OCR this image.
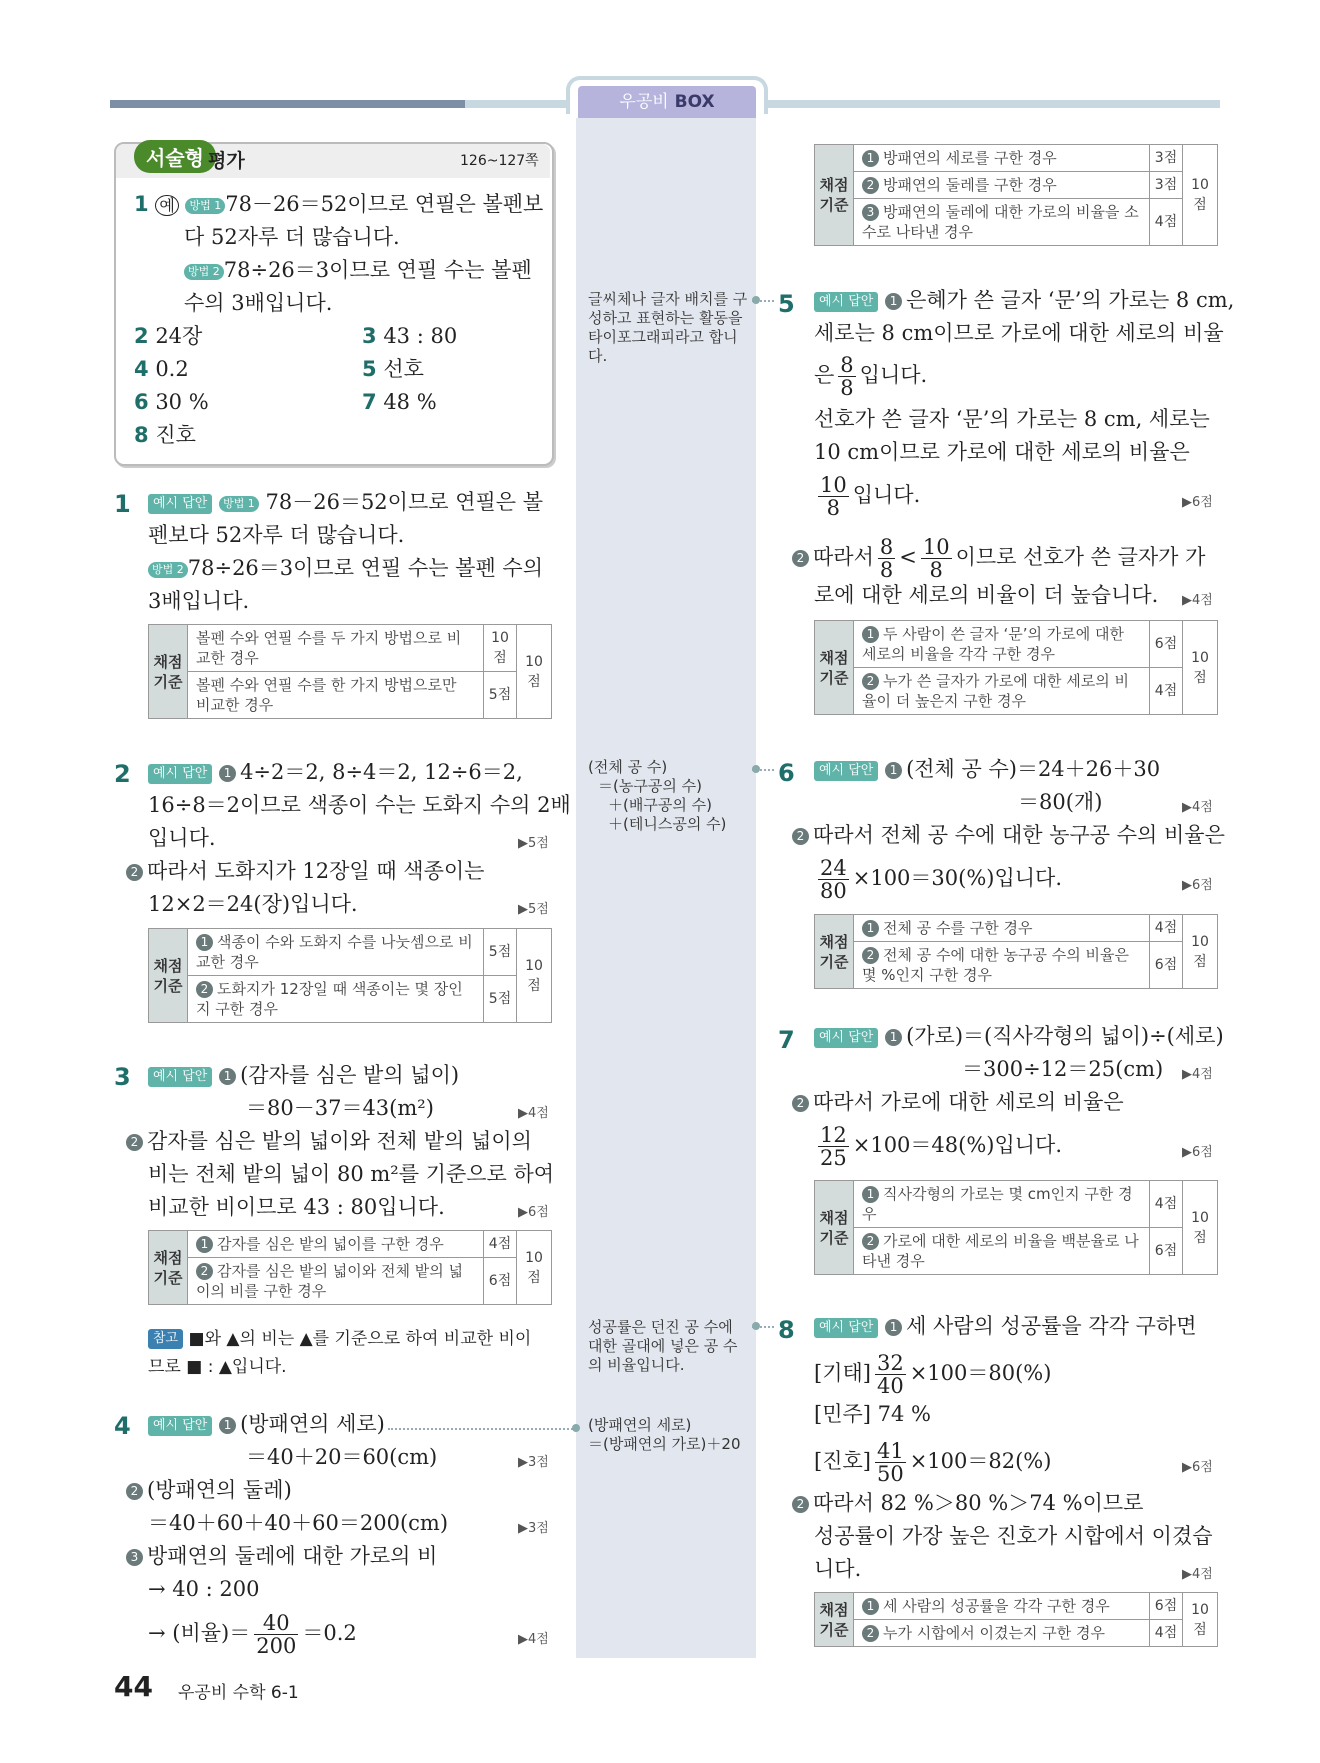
우공비 BOX
서술형 평가	126~127쪽
1 예 방법 1 78－26＝52이므로 연필은 볼펜보
다 52자루 더 많습니다.
방법 2 78÷26＝3이므로 연필 수는 볼펜
수의 3배입니다.
2 24장	3 43 : 80
4 0.2	5 선호
6 30 %	7 48 %
8 진호
1	예시 답안 방법 1 78－26＝52이므로 연필은 볼
펜보다 52자루 더 많습니다.
방법 2 78÷26＝3이므로 연필 수는 볼펜 수의
3배입니다.
채점 기준	볼펜 수와 연필 수를 두 가지 방법으로 비교한 경우	10점	10점
	볼펜 수와 연필 수를 한 가지 방법으로만 비교한 경우	5점	
2	예시 답안 1 4÷2＝2, 8÷4＝2, 12÷6＝2,
16÷8＝2이므로 색종이 수는 도화지 수의 2배
입니다.	▶5점
2 따라서 도화지가 12장일 때 색종이는
12×2＝24(장)입니다.	▶5점
채점 기준	1 색종이 수와 도화지 수를 나눗셈으로 비교한 경우	5점	10점
	2 도화지가 12장일 때 색종이는 몇 장인지 구한 경우	5점	
3	예시 답안 1 (감자를 심은 밭의 넓이)
＝80－37＝43(m²)	▶4점
2 감자를 심은 밭의 넓이와 전체 밭의 넓이의
비는 전체 밭의 넓이 80 m²를 기준으로 하여
비교한 비이므로 43 : 80입니다.	▶6점
채점 기준	1 감자를 심은 밭의 넓이를 구한 경우	4점	10점
	2 감자를 심은 밭의 넓이와 전체 밭의 넓이의 비를 구한 경우	6점	
참고 ■와 ▲의 비는 ▲를 기준으로 하여 비교한 비이
므로 ■ : ▲입니다.
4	예시 답안 1 (방패연의 세로)
＝40＋20＝60(cm)	▶3점
2 (방패연의 둘레)
＝40＋60＋40＋60＝200(cm)	▶3점
3 방패연의 둘레에 대한 가로의 비
→ 40 : 200
→ (비율)＝ $\frac{40}{200} =0.2$	▶4점
채점 기준	1 방패연의 세로를 구한 경우	3점	10점
	2 방패연의 둘레를 구한 경우	3점	
	3 방패연의 둘레에 대한 가로의 비율을 소수로 나타낸 경우	4점	
5	예시 답안 1 은혜가 쓴 글자 ‘문’의 가로는 8 cm,
세로는 8 cm이므로 가로에 대한 세로의 비율
은 $\frac{8}{8}$ 입니다.
선호가 쓴 글자 ‘문’의 가로는 8 cm, 세로는
10 cm이므로 가로에 대한 세로의 비율은
$\frac{10}{8}$ 입니다.	▶6점
2 따라서 $\frac{8}{8} < \frac{10}{8}$ 이므로 선호가 쓴 글자가 가
로에 대한 세로의 비율이 더 높습니다. ▶4점
채점 기준	1 두 사람이 쓴 글자 ‘문’의 가로에 대한 세로의 비율을 각각 구한 경우	6점	10점
	2 누가 쓴 글자가 가로에 대한 세로의 비율이 더 높은지 구한 경우	4점	
6	예시 답안 1 (전체 공 수)＝24＋26＋30
＝80(개)	▶4점
2 따라서 전체 공 수에 대한 농구공 수의 비율은
$\frac{24}{80} \times 100=30(\%)$입니다.	▶6점
채점 기준	1 전체 공 수를 구한 경우	4점	10점
	2 전체 공 수에 대한 농구공 수의 비율은 몇 %인지 구한 경우	6점	
7	예시 답안 1 (가로)＝(직사각형의 넓이)÷(세로)
＝300÷12＝25(cm) ▶4점
2 따라서 가로에 대한 세로의 비율은
$\frac{12}{25} \times 100=48(\%)$입니다.	▶6점
채점 기준	1 직사각형의 가로는 몇 cm인지 구한 경우	4점	10점
	2 가로에 대한 세로의 비율을 백분율로 나타낸 경우	6점	
8	예시 답안 1 세 사람의 성공률을 각각 구하면
[기태] $\frac{32}{40} \times 100=80(\%)$
[민주] 74 %
[진호] $\frac{41}{50} \times 100=82(\%)$	▶6점
2 따라서 82 %＞80 %＞74 %이므로
성공률이 가장 높은 진호가 시합에서 이겼습
니다.	▶4점
채점 기준	1 세 사람의 성공률을 각각 구한 경우	6점	10점
	2 누가 시합에서 이겼는지 구한 경우	4점	
글씨체나 글자 배치를 구성하고 표현하는 활동을 타이포그래피라고 합니다.
(전체 공 수)
＝(농구공의 수)
＋(배구공의 수)
＋(테니스공의 수)
성공률은 던진 공 수에 대한 골대에 넣은 공 수의 비율입니다.
(방패연의 세로)
＝(방패연의 가로)＋20
44 우공비 수학 6-1
